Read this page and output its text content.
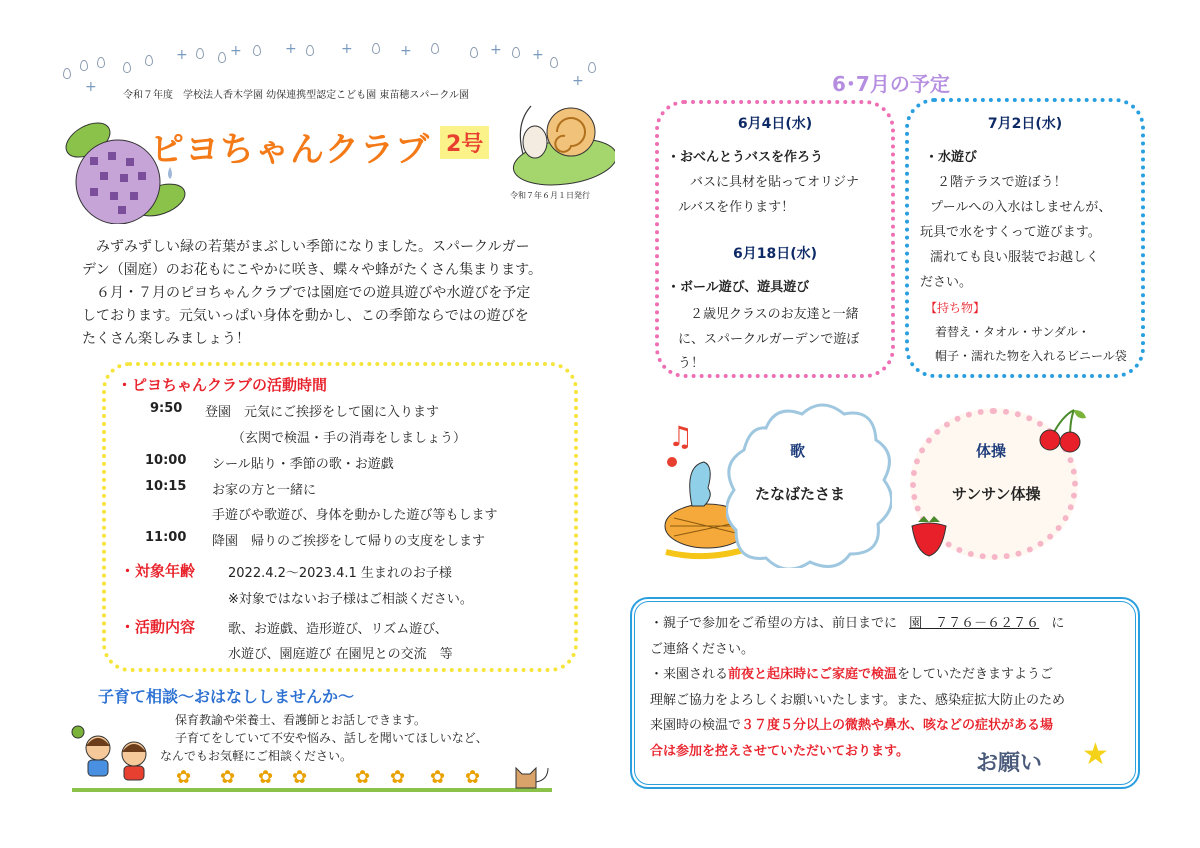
+
+	+	+	+	+	+ +
+
令和７年度　学校法人香木学園 幼保連携型認定こども園 東苗穂スパークル園
ピヨちゃんクラブ 2号
令和７年６月１日発行
　みずみずしい緑の若葉がまぶしい季節になりました。スパークルガー
デン（園庭）のお花もにこやかに咲き、蝶々や蜂がたくさん集まります。
　６月・７月のピヨちゃんクラブでは園庭での遊具遊びや水遊びを予定
しております。元気いっぱい身体を動かし、この季節ならではの遊びを
たくさん楽しみましょう！
・ピヨちゃんクラブの活動時間
9:50 登園　元気にご挨拶をして園に入ります
（玄関で検温・手の消毒をしましょう）
10:00 シール貼り・季節の歌・お遊戯
10:15 お家の方と一緒に
手遊びや歌遊び、身体を動かした遊び等もします
11:00 降園　帰りのご挨拶をして帰りの支度をします
・対象年齢	2022.4.2～2023.4.1 生まれのお子様
※対象ではないお子様はご相談ください。
・活動内容	歌、お遊戯、造形遊び、リズム遊び、
水遊び、園庭遊び 在園児との交流　等
子育て相談～おはなししませんか～
保育教諭や栄養士、看護師とお話しできます。
子育てをしていて不安や悩み、話しを聞いてほしいなど、
なんでもお気軽にご相談ください。
✿ ✿ ✿ ✿	✿ ✿ ✿ ✿
6･7月の予定
6月4日(水)
・おべんとうバスを作ろう
バスに具材を貼ってオリジナ
ルバスを作ります！
6月18日(水)
・ボール遊び、遊具遊び
２歳児クラスのお友達と一緒
に、スパークルガーデンで遊ぼ
う！
7月2日(水)
・水遊び
２階テラスで遊ぼう！
プールへの入水はしませんが、
玩具で水をすくって遊びます。
濡れても良い服装でお越しく
ださい。
【持ち物】
着替え・タオル・サンダル・
帽子・濡れた物を入れるビニール袋
♫	歌
たなばたさま
体操
サンサン体操
・親子で参加をご希望の方は、前日までに 園　７７６－６２７６ に
ご連絡ください。
・来園される前夜と起床時にご家庭で検温をしていただきますようご
理解ご協力をよろしくお願いいたします。また、感染症拡大防止のため
来園時の検温で３７度５分以上の微熱や鼻水、咳などの症状がある場
合は参加を控えさせていただいております。	お願い ★
